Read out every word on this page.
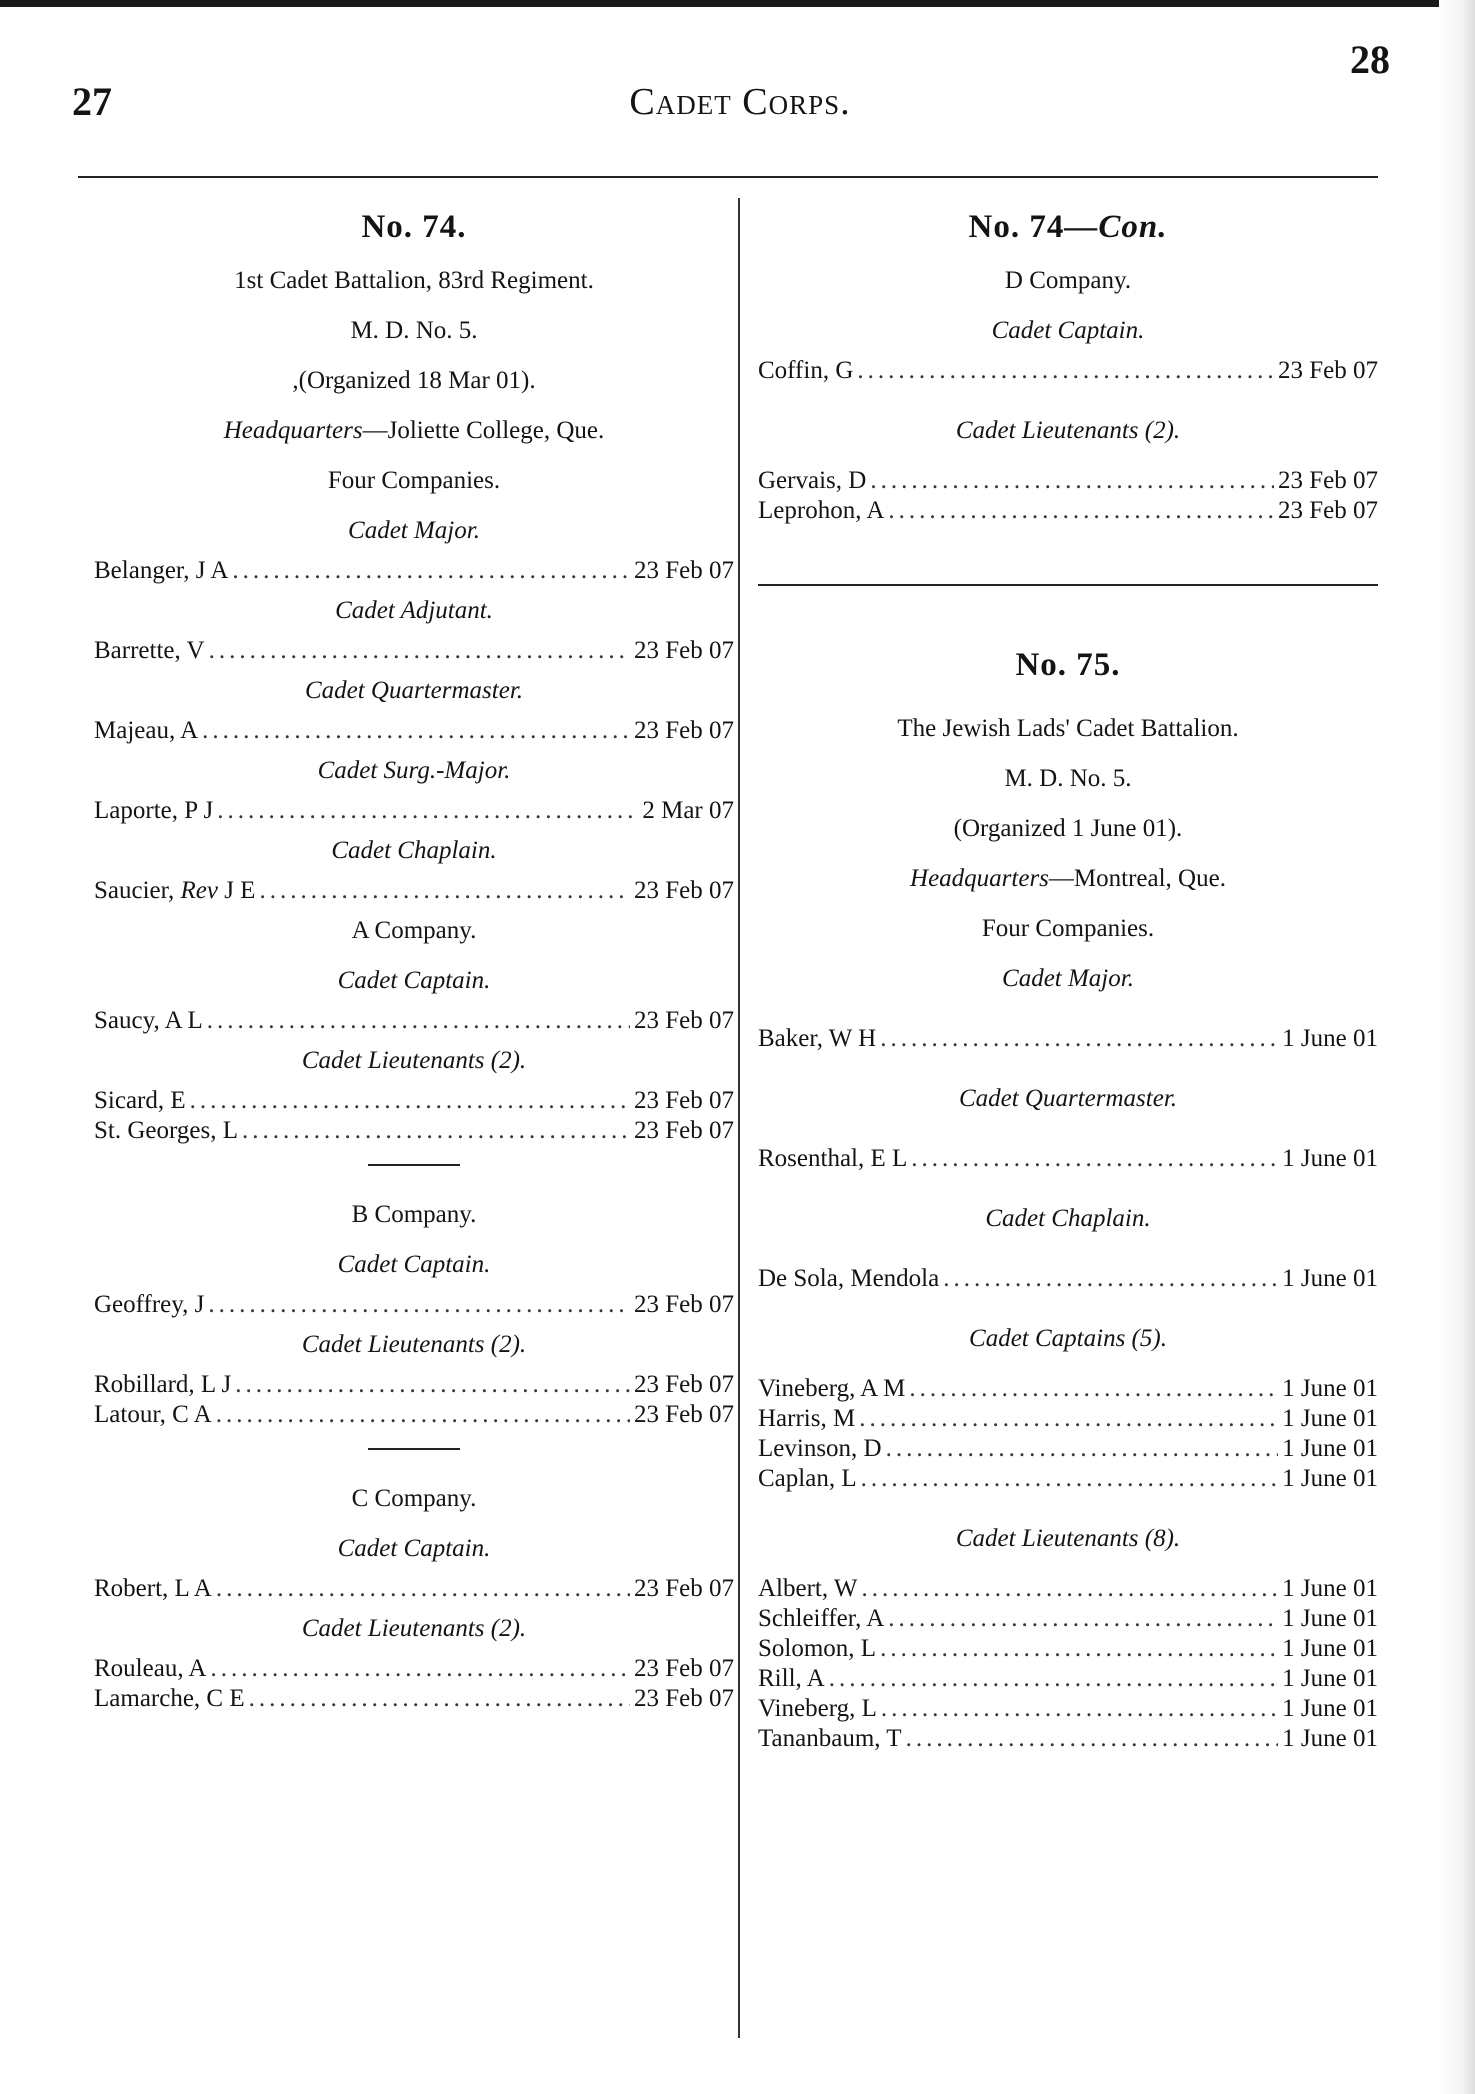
27
28
Cadet Corps.
No. 74.
1st Cadet Battalion, 83rd Regiment.
M. D. No. 5.
,(Organized 18 Mar 01).
Headquarters—Joliette College, Que.
Four Companies.
Cadet Major.
Belanger, J A .....	23 Feb 07
Cadet Adjutant.
Barrette, V .....	23 Feb 07
Cadet Quartermaster.
Majeau, A .....	23 Feb 07
Cadet Surg.-Major.
Laporte, P J .....	2 Mar 07
Cadet Chaplain.
Saucier, Rev J E .....	23 Feb 07
A Company.
Cadet Captain.
Saucy, A L .....	23 Feb 07
Cadet Lieutenants (2).
Sicard, E .....	23 Feb 07
St. Georges, L .....	23 Feb 07
B Company.
Cadet Captain.
Geoffrey, J .....	23 Feb 07
Cadet Lieutenants (2).
Robillard, L J .....	23 Feb 07
Latour, C A .....	23 Feb 07
C Company.
Cadet Captain.
Robert, L A .....	23 Feb 07
Cadet Lieutenants (2).
Rouleau, A .....	23 Feb 07
Lamarche, C E .....	23 Feb 07
No. 74—Con.
D Company.
Cadet Captain.
Coffin, G .....	23 Feb 07
Cadet Lieutenants (2).
Gervais, D .....	23 Feb 07
Leprohon, A .....	23 Feb 07
No. 75.
The Jewish Lads' Cadet Battalion.
M. D. No. 5.
(Organized 1 June 01).
Headquarters—Montreal, Que.
Four Companies.
Cadet Major.
Baker, W H .....	1 June 01
Cadet Quartermaster.
Rosenthal, E L .....	1 June 01
Cadet Chaplain.
De Sola, Mendola .....	1 June 01
Cadet Captains (5).
Vineberg, A M .....	1 June 01
Harris, M .....	1 June 01
Levinson, D .....	1 June 01
Caplan, L .....	1 June 01
Cadet Lieutenants (8).
Albert, W .....	1 June 01
Schleiffer, A .....	1 June 01
Solomon, L .....	1 June 01
Rill, A .....	1 June 01
Vineberg, L .....	1 June 01
Tananbaum, T .....	1 June 01
